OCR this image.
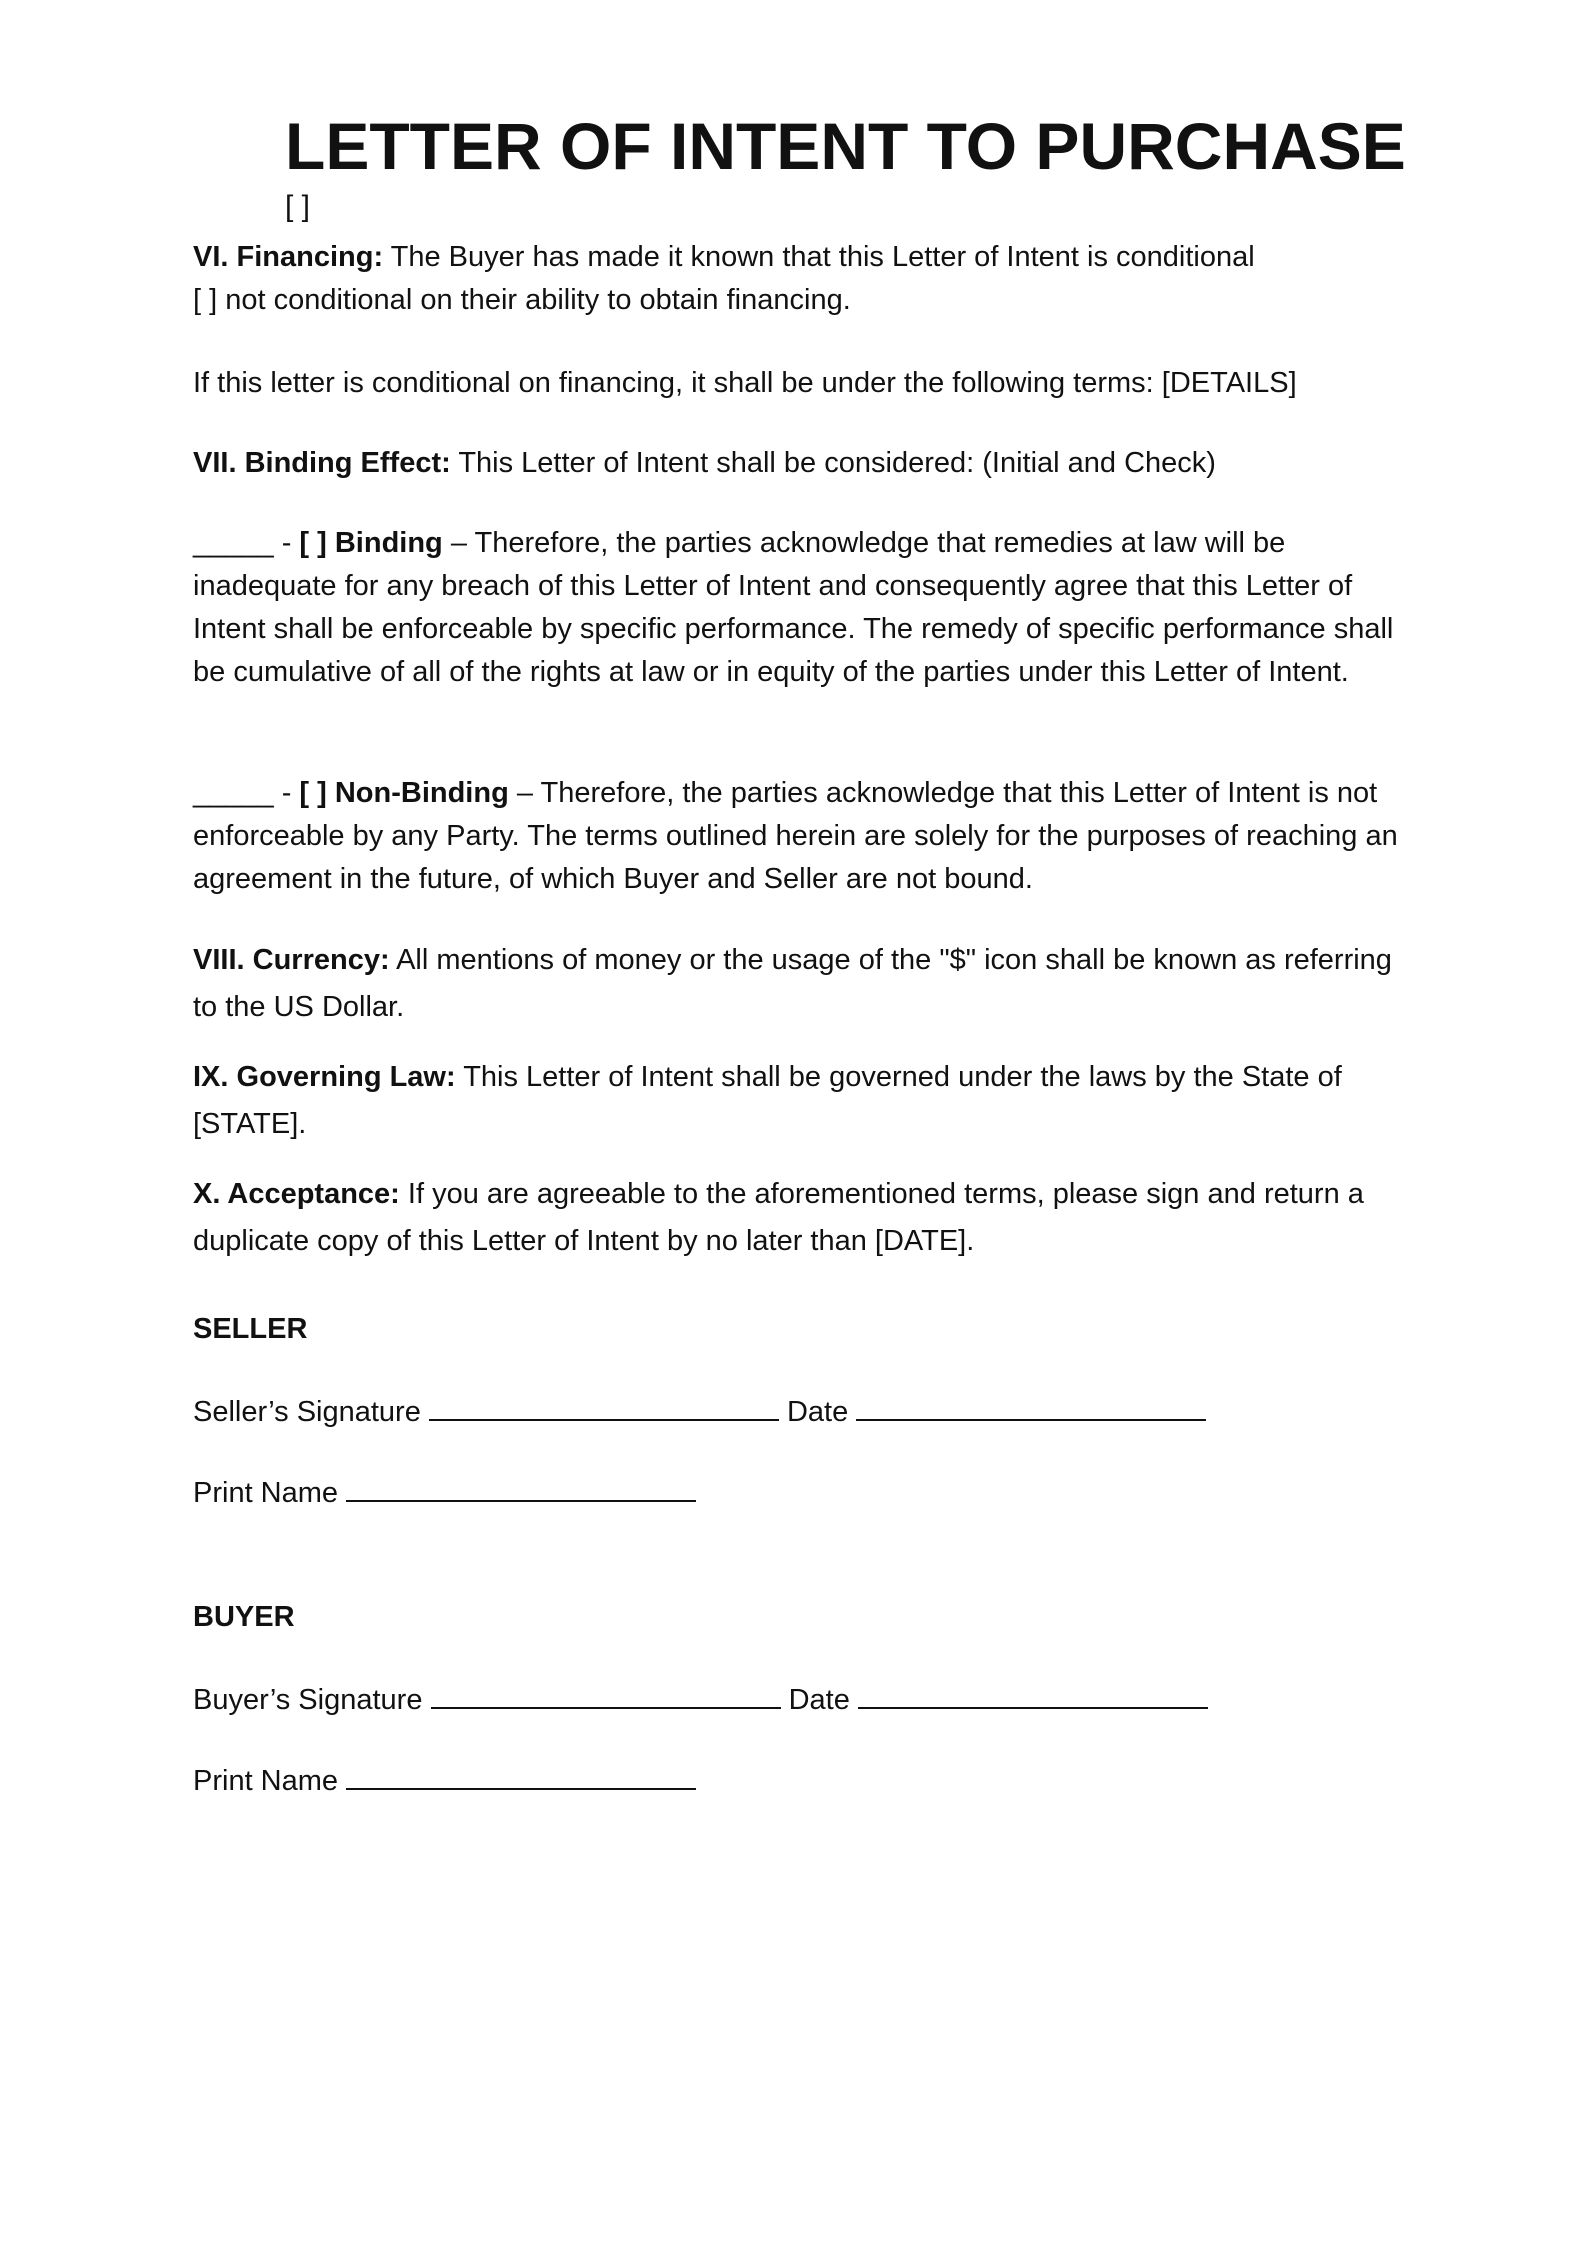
LETTER OF INTENT TO PURCHASE
[ ]
VI. Financing: The Buyer has made it known that this Letter of Intent is conditional
[ ] not conditional on their ability to obtain financing.
If this letter is conditional on financing, it shall be under the following terms: [DETAILS]
VII. Binding Effect: This Letter of Intent shall be considered: (Initial and Check)
_____ - [ ] Binding – Therefore, the parties acknowledge that remedies at law will be inadequate for any breach of this Letter of Intent and consequently agree that this Letter of Intent shall be enforceable by specific performance. The remedy of specific performance shall be cumulative of all of the rights at law or in equity of the parties under this Letter of Intent.
_____ - [ ] Non-Binding – Therefore, the parties acknowledge that this Letter of Intent is not enforceable by any Party. The terms outlined herein are solely for the purposes of reaching an agreement in the future, of which Buyer and Seller are not bound.
VIII. Currency: All mentions of money or the usage of the "$" icon shall be known as referring to the US Dollar.
IX. Governing Law: This Letter of Intent shall be governed under the laws by the State of [STATE].
X. Acceptance: If you are agreeable to the aforementioned terms, please sign and return a duplicate copy of this Letter of Intent by no later than [DATE].
SELLER
Seller’s Signature	Date
Print Name
BUYER
Buyer’s Signature	Date
Print Name
